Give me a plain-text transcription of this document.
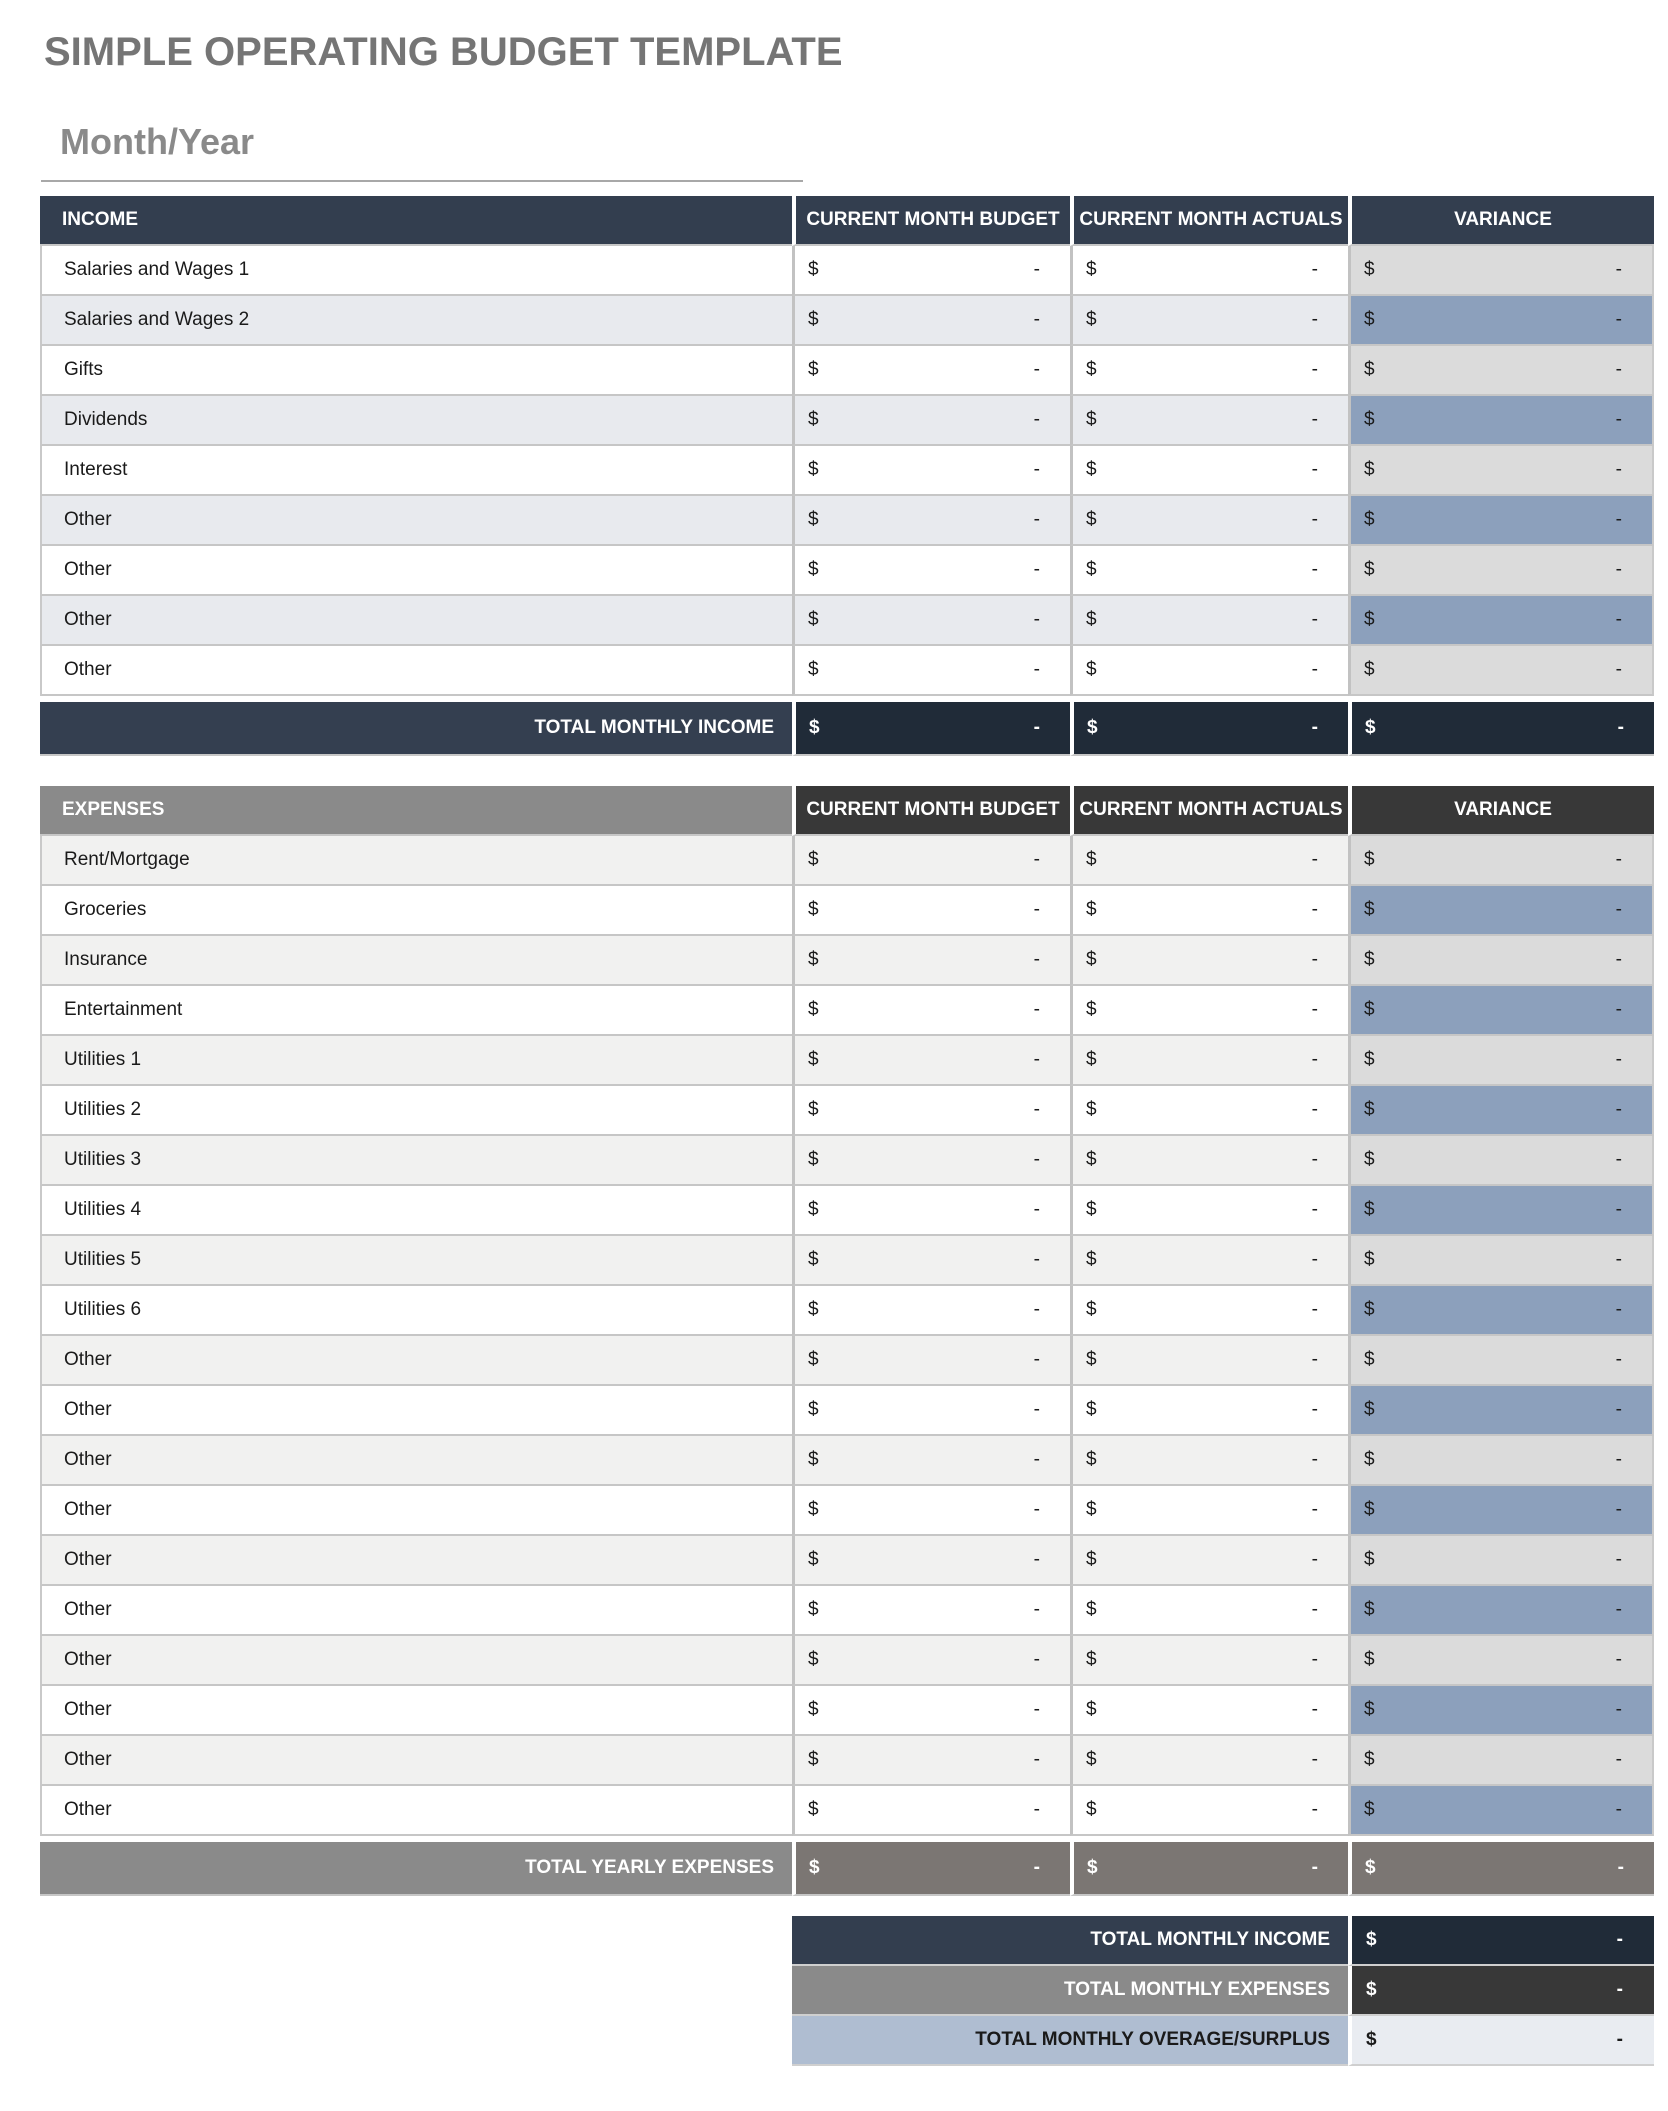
SIMPLE OPERATING BUDGET TEMPLATE
Month/Year
INCOME	CURRENT MONTH BUDGET	CURRENT MONTH ACTUALS	VARIANCE
Salaries and Wages 1	$ -	$ -	$ -

Salaries and Wages 2	$ -	$ -	$ -

Gifts	$ -	$ -	$ -

Dividends	$ -	$ -	$ -

Interest	$ -	$ -	$ -

Other	$ -	$ -	$ -

Other	$ -	$ -	$ -

Other	$ -	$ -	$ -

Other	$ -	$ -	$ -

TOTAL MONTHLY INCOME	$ -	$ -	$ -
EXPENSES	CURRENT MONTH BUDGET	CURRENT MONTH ACTUALS	VARIANCE
Rent/Mortgage	$ -	$ -	$ -

Groceries	$ -	$ -	$ -

Insurance	$ -	$ -	$ -

Entertainment	$ -	$ -	$ -

Utilities 1	$ -	$ -	$ -

Utilities 2	$ -	$ -	$ -

Utilities 3	$ -	$ -	$ -

Utilities 4	$ -	$ -	$ -

Utilities 5	$ -	$ -	$ -

Utilities 6	$ -	$ -	$ -

Other	$ -	$ -	$ -

Other	$ -	$ -	$ -

Other	$ -	$ -	$ -

Other	$ -	$ -	$ -

Other	$ -	$ -	$ -

Other	$ -	$ -	$ -

Other	$ -	$ -	$ -

Other	$ -	$ -	$ -

Other	$ -	$ -	$ -

Other	$ -	$ -	$ -

TOTAL YEARLY EXPENSES	$ -	$ -	$ -
TOTAL MONTHLY INCOME	$ -

TOTAL MONTHLY EXPENSES	$ -

TOTAL MONTHLY OVERAGE/SURPLUS	$ -
